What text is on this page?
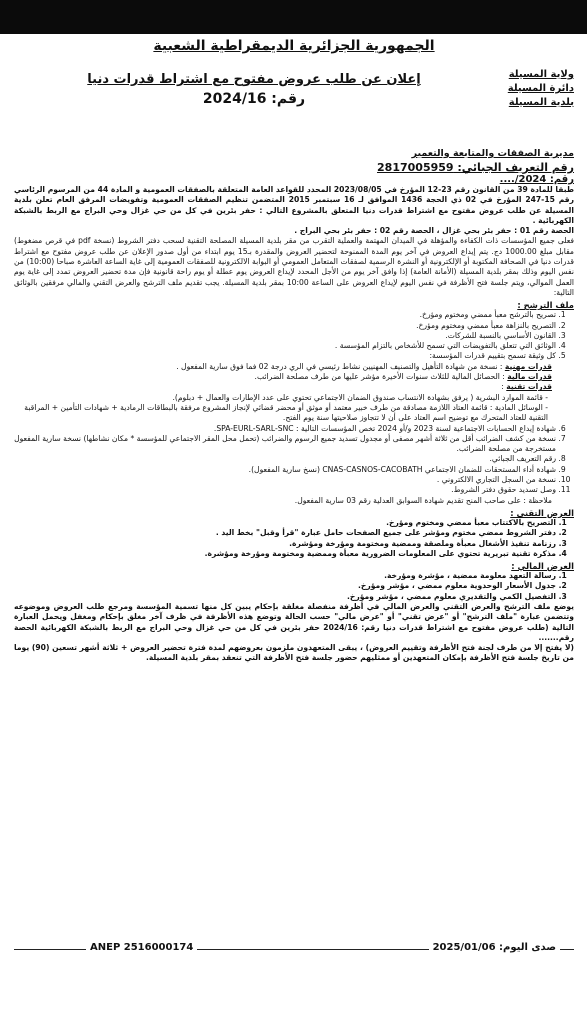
الجمهورية الجزائرية الديمقراطية الشعبية
ولاية المسيلة
دائرة المسيلة
بلدية المسيلة
إعلان عن طلب عروض مفتوح مع اشتراط قدرات دنيا
رقم: 2024/16
مديرية الصفقات والمتابعة والتعمير
رقم التعريف الجبائي: 2817005959
رقم: 2024/....

طبقا للمادة 39 من القانون رقم 23-12 المؤرخ في 2023/08/05 المحدد للقواعد العامة المتعلقة بالصفقات العمومية و المادة 44 من المرسوم الرئاسي رقم 15-247 المؤرخ في 02 ذي الحجة 1436 الموافق لـ 16 سبتمبر 2015 المتضمن تنظيم الصفقات العمومية وتفويضات المرفق العام تعلن بلدية المسيلة عن طلب عروض مفتوح مع اشتراط قدرات دنيا المتعلق بالمشروع التالي : حفر بئرين في كل من حي غزال وحي البراج مع الربط بالشبكة الكهربائية .

الحصة رقم 01 : حفر بئر بحي غزال ، الحصة رقم 02 : حفر بئر بحي البراج .

فعلى جميع المؤسسات ذات الكفاءة والمؤهلة في الميدان المهتمة والعملية التقرب من مقر بلدية المسيلة المصلحة التقنية لسحب دفتر الشروط (نسخة pdf في قرص مضغوط) مقابل مبلغ 1000.00 دج. يتم إيداع العروض في آخر يوم المدة الممنوحة لتحضير العروض والمقدرة بـ15 يوم ابتداء من أول صدور الإعلان عن طلب عروض مفتوح مع اشتراط قدرات دنيا في الصحافة المكتوبة أو الإلكترونية أو النشرة الرسمية لصفقات المتعامل العمومي أو البوابة الالكترونية للصفقات العمومية إلى غاية الساعة العاشرة صباحا (10:00) من نفس اليوم وذلك بمقر بلدية المسيلة (الأمانة العامة) إذا وافق آخر يوم من الأجل المحدد لإيداع العروض يوم عطلة أو يوم راحة قانونية فإن مدة تحضير العروض تمدد إلى غاية يوم العمل الموالي، ويتم جلسة فتح الأظرفة في نفس اليوم لإيداع العروض على الساعة 10:00 بمقر بلدية المسيلة. يجب تقديم ملف الترشح والعرض التقني والمالي مرفقين بالوثائق التالية:

ملف الترشح :
1. تصريح بالترشح معبأ ممضي ومختوم ومؤرخ.
2. التصريح بالنزاهة معبأ ممضي ومختوم ومؤرخ.
3. القانون الأساسي بالنسبة للشركات.
4. الوثائق التي تتعلق بالتفويضات التي تسمح للأشخاص بالتزام المؤسسة .
5. كل وثيقة تسمح بتقييم قدرات المؤسسة:
قدرات مهنية : نسخة من شهادة التأهيل والتصنيف المهنيين نشاط رئيسي في الري درجة 02 فما فوق سارية المفعول .
قدرات مالية : الحصائل المالية للثلاث سنوات الأخيرة مؤشر عليها من طرف مصلحة الضرائب.
قدرات تقنية :
- قائمة الموارد البشرية ( يرفق بشهادة الانتساب صندوق الضمان الاجتماعي تحتوي على عدد الإطارات والعمال + دبلوم).
- الوسائل المادية : قائمة العتاد اللازمة مصادقة من طرف خبير معتمد أو موثق أو محضر قضائي لإنجاز المشروع مرفقة بالبطاقات الرمادية + شهادات التأمين + المراقبة التقنية للعتاد المتحرك مع توضيح اسم العتاد على أن لا تتجاوز صلاحيتها سنة يوم الفتح.
6. شهادة إيداع الحسابات الاجتماعية لسنة 2023 و/أو 2024 تخص المؤسسات التالية : SPA-EURL-SARL-SNC.
7. نسخة من كشف الضرائب أقل من ثلاثة أشهر مصفى أو مجدول تسديد جميع الرسوم والضرائب (تحمل محل المقر الاجتماعي للمؤسسة * مكان نشاطها) نسخة سارية المفعول مستخرجة من مصلحة الضرائب.
8. رقم التعريف الجبائي.
9. شهادة أداء المستحقات للضمان الاجتماعي CNAS-CASNOS-CACOBATH (نسخ سارية المفعول).
10. نسخة من السجل التجاري الالكتروني .
11. وصل تسديد حقوق دفتر الشروط.

ملاحظة : على صاحب المنح تقديم شهادة السوابق العدلية رقم 03 سارية المفعول.

العرض التقني :
1. التصريح بالاكتتاب معبأ ممضي ومختوم ومؤرخ.
2. دفتر الشروط ممضي مختوم ومؤشر على جميع الصفحات حامل عبارة "قرأ وقبل" بخط اليد .
3. رزنامة تنفيذ الأشغال معبأة وملصقة وممضية ومختومة ومؤرخة ومؤشرة.
4. مذكرة تقنية تبريرية تحتوي على المعلومات الضرورية معبأة وممضية ومختومة ومؤرخة ومؤشرة.
العرض المالي :
1. رسالة التعهد معلومة ممضية ، مؤشرة ومؤرخة.
2. جدول الأسعار الوحدوية معلوم ممضي ، مؤشر ومؤرخ.
3. التفصيل الكمي والتقديري معلوم ممضي ، مؤشر ومؤرخ.

يوضع ملف الترشح والعرض التقني والعرض المالي في أظرفة منفصلة مغلقة بإحكام يبين كل منها تسمية المؤسسة ومرجع طلب العروض وموضوعه وتتضمن عبارة "ملف الترشح" أو "عرض تقني" أو "عرض مالي" حسب الحالة وتوضع هذه الأظرفة في ظرف آخر مغلق بإحكام ومغفل ويحمل العبارة التالية (طلب عروض مفتوح مع اشتراط قدرات دنيا رقم: 2024/16 حفر بئرين في كل من حي غزال وحي البراج مع الربط بالشبكة الكهربائية الحصة رقم.......

(لا يفتح إلا من طرف لجنة فتح الأظرفة وتقييم العروض) ، يبقى المتعهدون ملزمون بعروضهم لمدة فترة تحضير العروض + ثلاثة أشهر تسعين (90) يوما من تاريخ جلسة فتح الأظرفة بإمكان المتعهدين أو ممثليهم حضور جلسة فتح الأظرفة التي تنعقد بمقر بلدية المسيلة.

صدى اليوم: 2025/01/06
ANEP 2516000174
